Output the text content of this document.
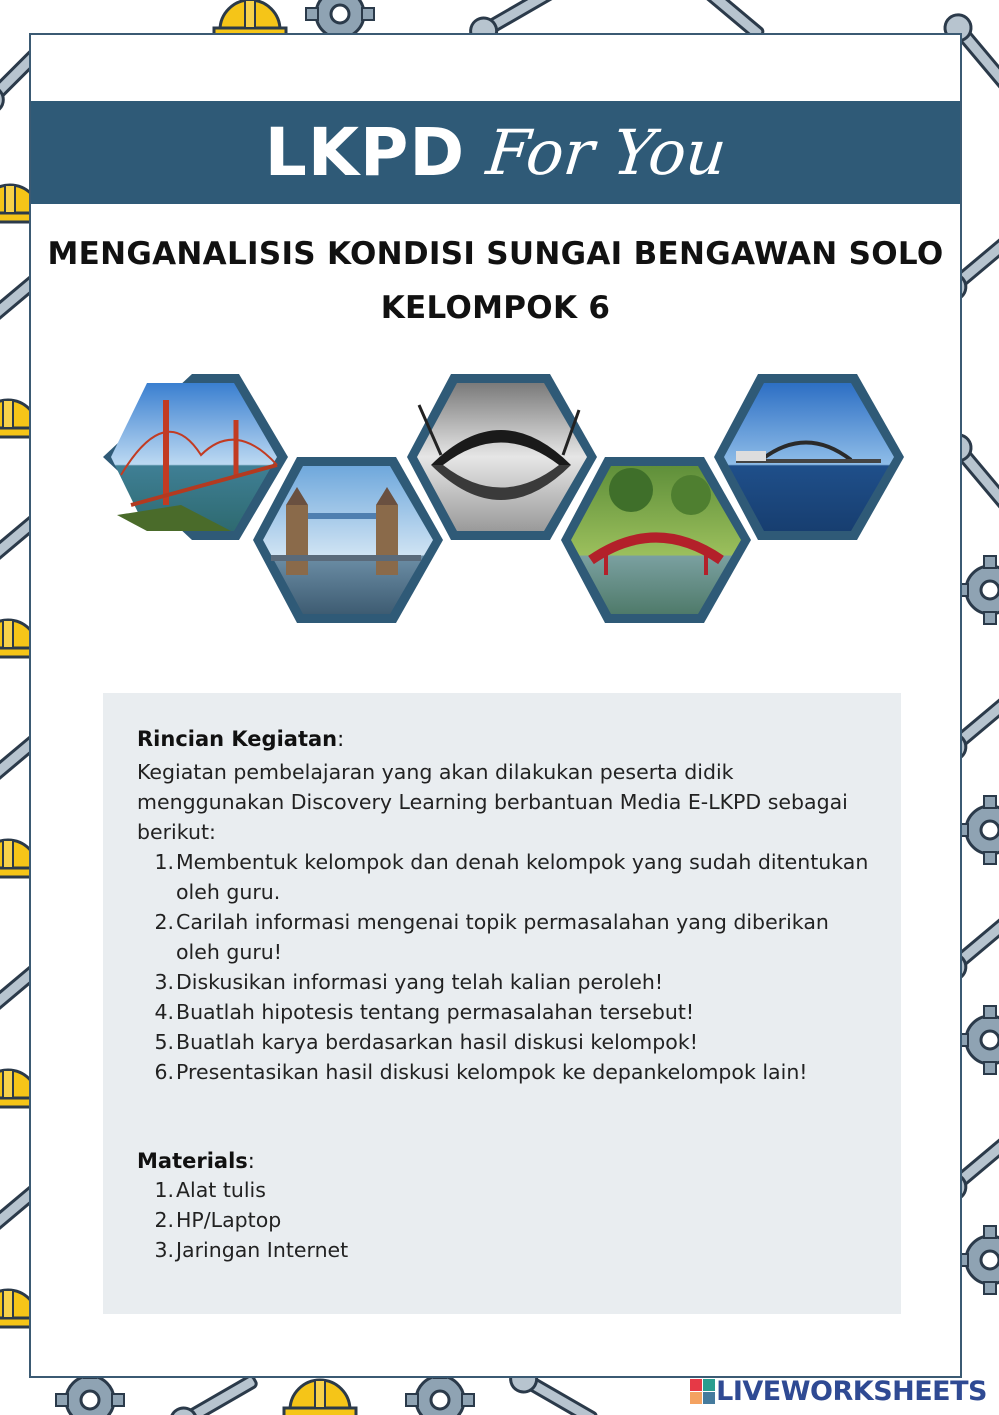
LKPD For You
MENGANALISIS KONDISI SUNGAI BENGAWAN SOLO
KELOMPOK 6
Rincian Kegiatan:
Kegiatan pembelajaran yang akan dilakukan peserta didik menggunakan Discovery Learning berbantuan Media E-LKPD sebagai berikut:
1. Membentuk kelompok dan denah kelompok yang sudah ditentukan oleh guru.
2. Carilah informasi mengenai topik permasalahan yang diberikan oleh guru!
3. Diskusikan informasi yang telah kalian peroleh!
4. Buatlah hipotesis tentang permasalahan tersebut!
5. Buatlah karya berdasarkan hasil diskusi kelompok!
6. Presentasikan hasil diskusi kelompok ke depankelompok lain!
Materials:
1. Alat tulis
2. HP/Laptop
3. Jaringan Internet
LIVEWORKSHEETS
